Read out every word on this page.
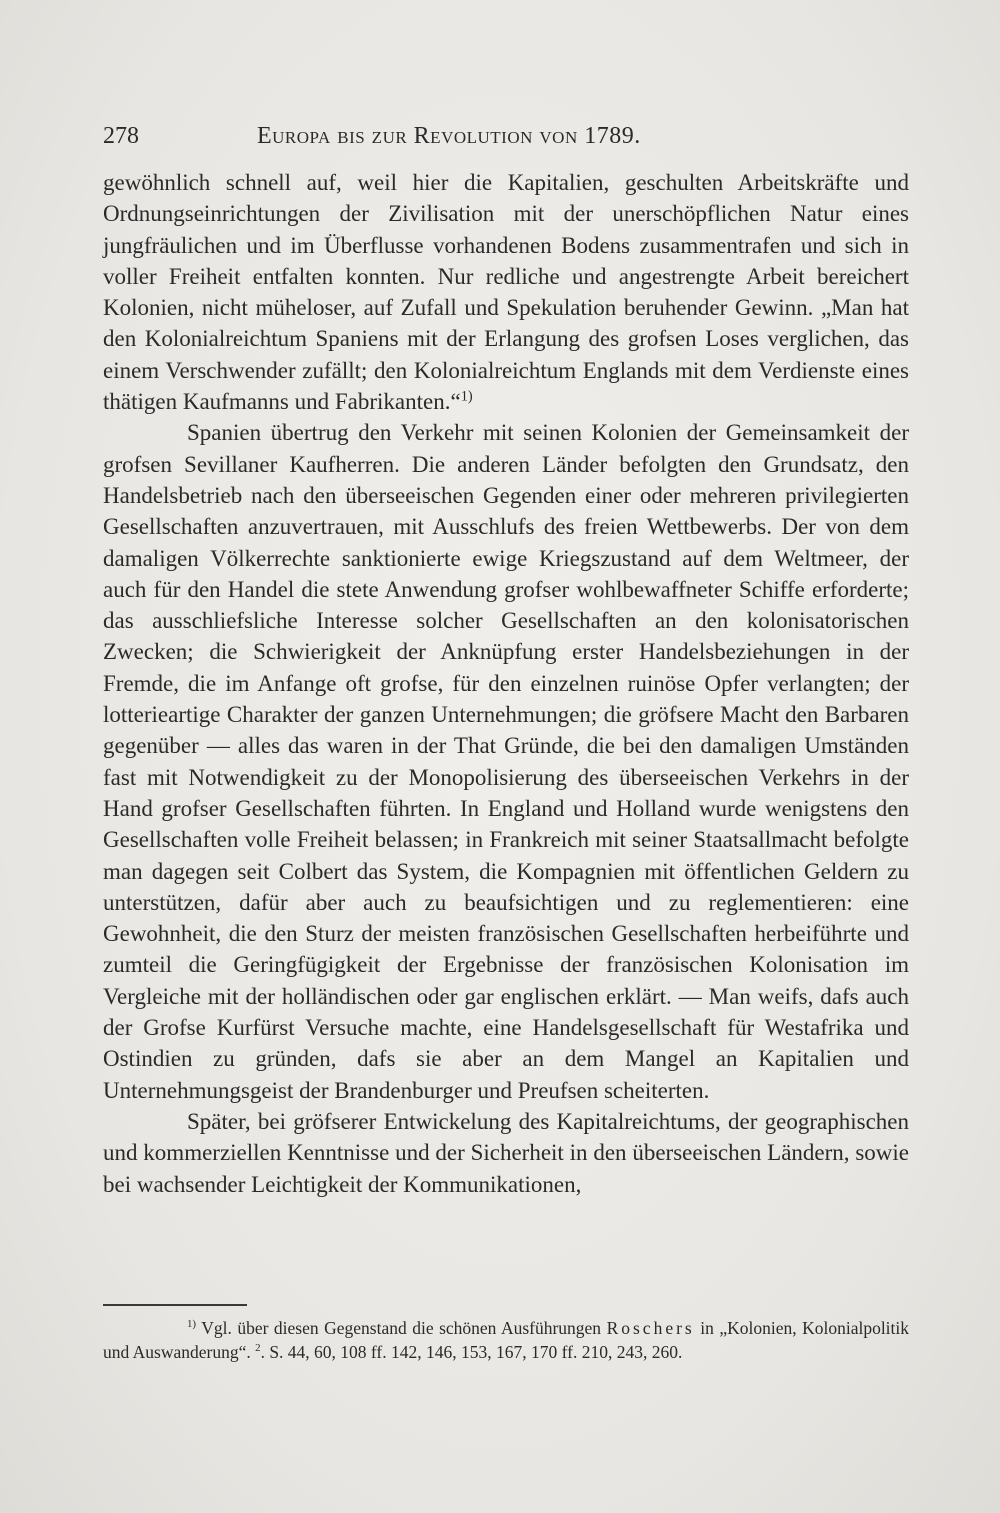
278	Europa bis zur Revolution von 1789.

gewöhnlich schnell auf, weil hier die Kapitalien, geschulten Arbeitskräfte und Ordnungseinrichtungen der Zivilisation mit der unerschöpflichen Natur eines jungfräulichen und im Überflusse vorhandenen Bodens zusammentrafen und sich in voller Freiheit entfalten konnten. Nur redliche und angestrengte Arbeit bereichert Kolonien, nicht müheloser, auf Zufall und Spekulation beruhender Gewinn. „Man hat den Kolonialreichtum Spaniens mit der Erlangung des grofsen Loses verglichen, das einem Verschwender zufällt; den Kolonialreichtum Englands mit dem Verdienste eines thätigen Kaufmanns und Fabrikanten.“$^{1)}$

Spanien übertrug den Verkehr mit seinen Kolonien der Gemeinsamkeit der grofsen Sevillaner Kaufherren. Die anderen Länder befolgten den Grundsatz, den Handelsbetrieb nach den überseeischen Gegenden einer oder mehreren privilegierten Gesellschaften anzuvertrauen, mit Ausschlufs des freien Wettbewerbs. Der von dem damaligen Völkerrechte sanktionierte ewige Kriegszustand auf dem Weltmeer, der auch für den Handel die stete Anwendung grofser wohlbewaffneter Schiffe erforderte; das ausschliefsliche Interesse solcher Gesellschaften an den kolonisatorischen Zwecken; die Schwierigkeit der Anknüpfung erster Handelsbeziehungen in der Fremde, die im Anfange oft grofse, für den einzelnen ruinöse Opfer verlangten; der lotterieartige Charakter der ganzen Unternehmungen; die gröfsere Macht den Barbaren gegenüber — alles das waren in der That Gründe, die bei den damaligen Umständen fast mit Notwendigkeit zu der Monopolisierung des überseeischen Verkehrs in der Hand grofser Gesellschaften führten. In England und Holland wurde wenigstens den Gesellschaften volle Freiheit belassen; in Frankreich mit seiner Staatsallmacht befolgte man dagegen seit Colbert das System, die Kompagnien mit öffentlichen Geldern zu unterstützen, dafür aber auch zu beaufsichtigen und zu reglementieren: eine Gewohnheit, die den Sturz der meisten französischen Gesellschaften herbeiführte und zumteil die Geringfügigkeit der Ergebnisse der französischen Kolonisation im Vergleiche mit der holländischen oder gar englischen erklärt. — Man weifs, dafs auch der Grofse Kurfürst Versuche machte, eine Handelsgesellschaft für Westafrika und Ostindien zu gründen, dafs sie aber an dem Mangel an Kapitalien und Unternehmungsgeist der Brandenburger und Preufsen scheiterten.

Später, bei gröfserer Entwickelung des Kapitalreichtums, der geographischen und kommerziellen Kenntnisse und der Sicherheit in den überseeischen Ländern, sowie bei wachsender Leichtigkeit der Kommunikationen,

$^{1)}$ Vgl. über diesen Gegenstand die schönen Ausführungen Roschers in „Kolonien, Kolonialpolitik und Auswanderung“. $^2$. S. 44, 60, 108 ff. 142, 146, 153, 167, 170 ff. 210, 243, 260.
